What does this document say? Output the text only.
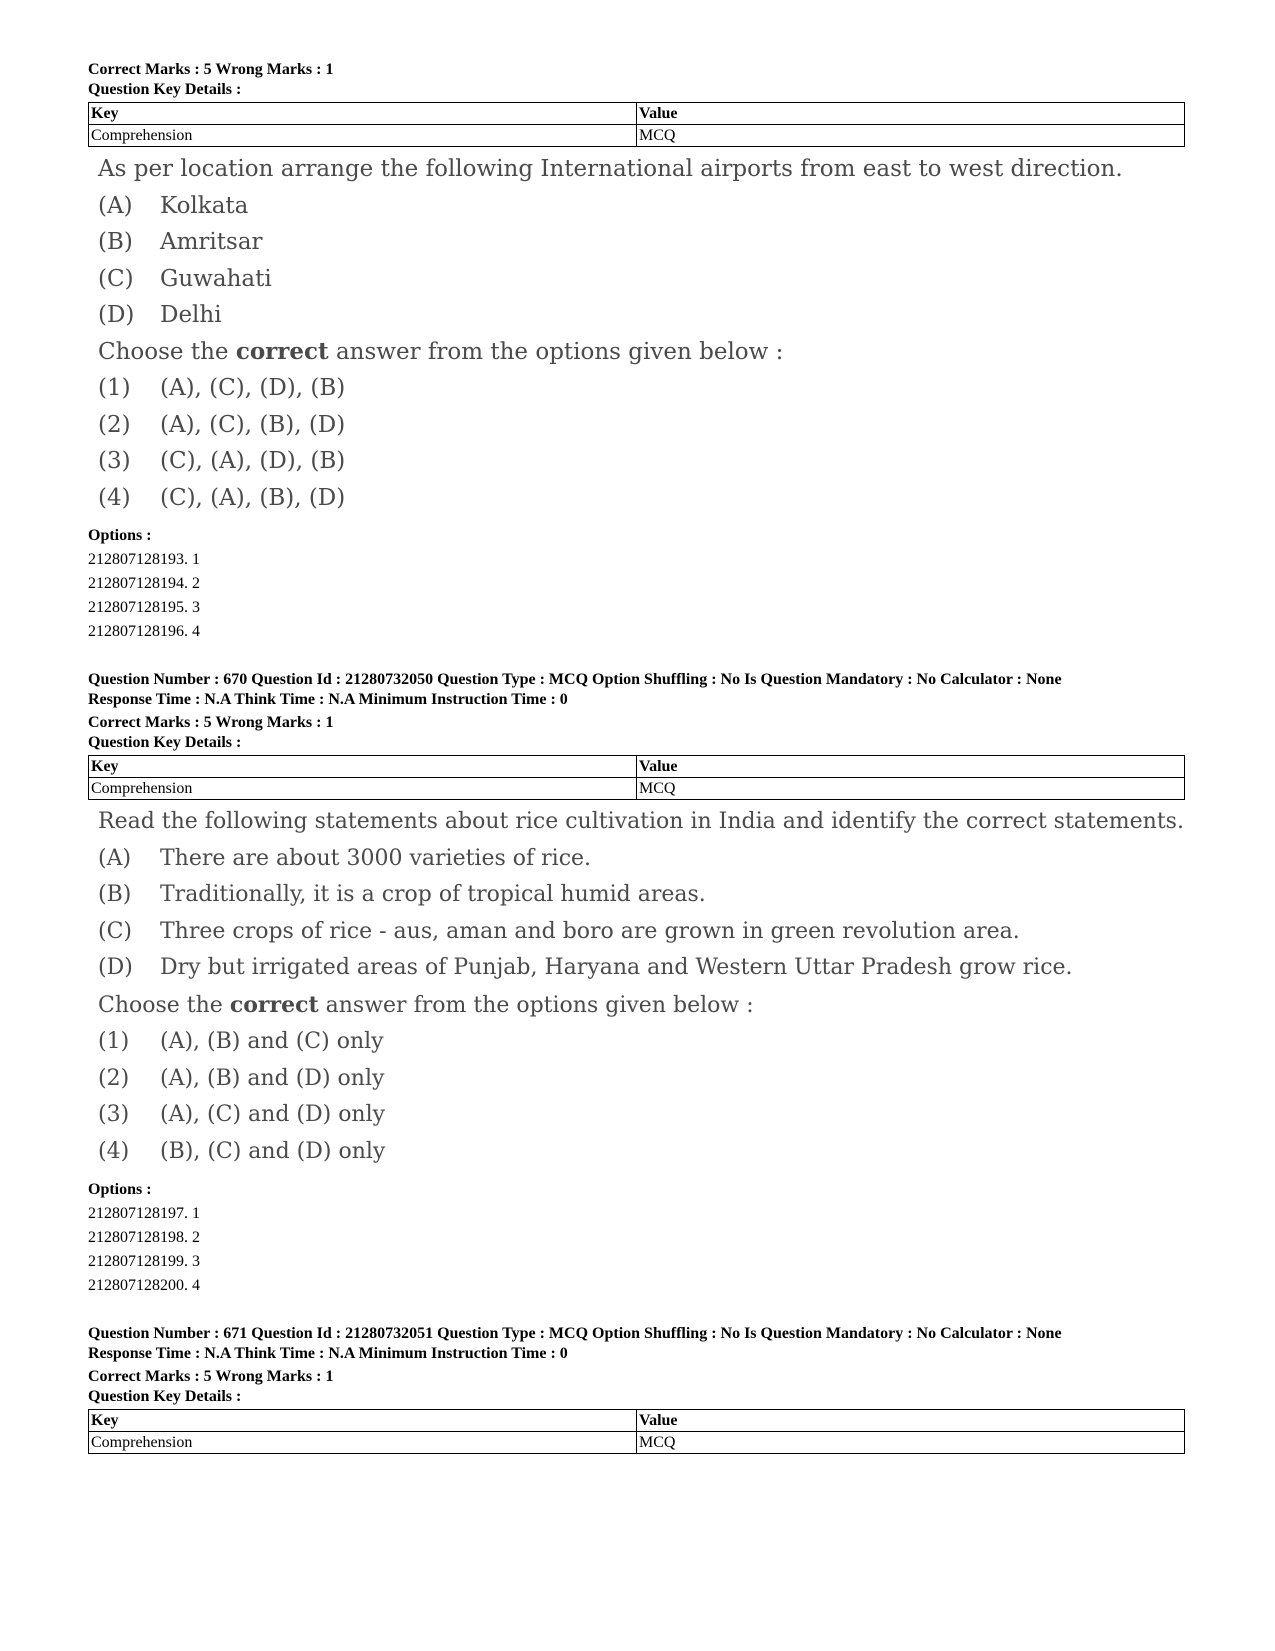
Correct Marks : 5 Wrong Marks : 1

Question Key Details :

Key	Value
Comprehension	MCQ
As per location arrange the following International airports from east to west direction.
(A)	Kolkata
(B)	Amritsar
(C)	Guwahati
(D)	Delhi
Choose the correct answer from the options given below :
(1)	(A), (C), (D), (B)
(2)	(A), (C), (B), (D)
(3)	(C), (A), (D), (B)
(4)	(C), (A), (B), (D)
Options :
212807128193. 1
212807128194. 2
212807128195. 3
212807128196. 4
Question Number : 670 Question Id : 21280732050 Question Type : MCQ Option Shuffling : No Is Question Mandatory : No Calculator : None
Response Time : N.A Think Time : N.A Minimum Instruction Time : 0

Correct Marks : 5 Wrong Marks : 1

Question Key Details :

Key	Value
Comprehension	MCQ
Read the following statements about rice cultivation in India and identify the correct statements.
(A)	There are about 3000 varieties of rice.
(B)	Traditionally, it is a crop of tropical humid areas.
(C)	Three crops of rice - aus, aman and boro are grown in green revolution area.
(D)	Dry but irrigated areas of Punjab, Haryana and Western Uttar Pradesh grow rice.
Choose the correct answer from the options given below :
(1)	(A), (B) and (C) only
(2)	(A), (B) and (D) only
(3)	(A), (C) and (D) only
(4)	(B), (C) and (D) only
Options :
212807128197. 1
212807128198. 2
212807128199. 3
212807128200. 4
Question Number : 671 Question Id : 21280732051 Question Type : MCQ Option Shuffling : No Is Question Mandatory : No Calculator : None
Response Time : N.A Think Time : N.A Minimum Instruction Time : 0

Correct Marks : 5 Wrong Marks : 1

Question Key Details :

Key	Value
Comprehension	MCQ
